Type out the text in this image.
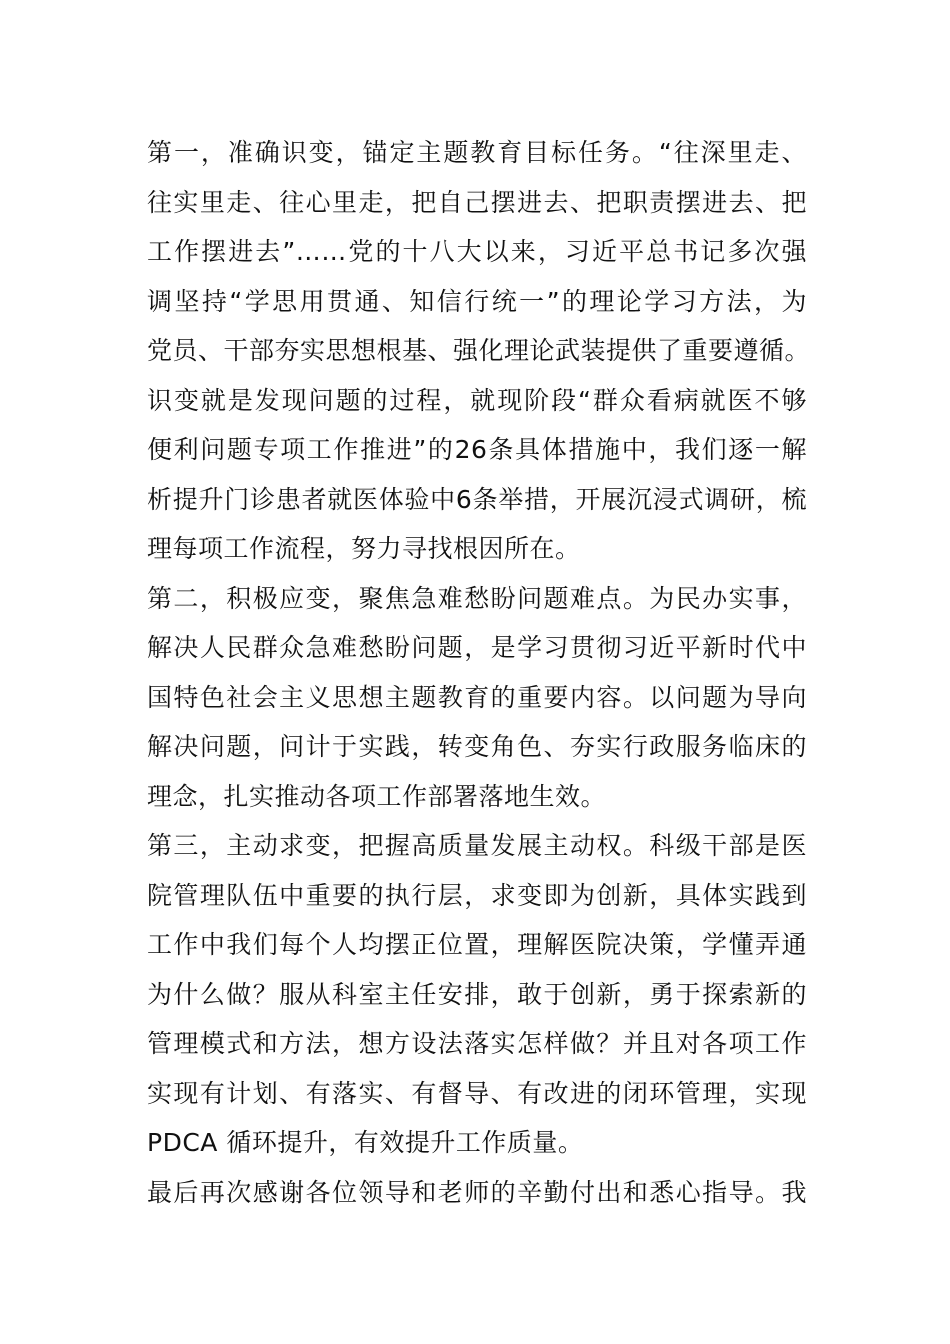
第一，准确识变，锚定主题教育目标任务。“往深里走、
往实里走、往心里走，把自己摆进去、把职责摆进去、把
工作摆进去”……党的十八大以来，习近平总书记多次强
调坚持“学思用贯通、知信行统一”的理论学习方法，为
党员、干部夯实思想根基、强化理论武装提供了重要遵循。
识变就是发现问题的过程，就现阶段“群众看病就医不够
便利问题专项工作推进”的26条具体措施中，我们逐一解
析提升门诊患者就医体验中6条举措，开展沉浸式调研，梳
理每项工作流程，努力寻找根因所在。
第二，积极应变，聚焦急难愁盼问题难点。为民办实事，
解决人民群众急难愁盼问题，是学习贯彻习近平新时代中
国特色社会主义思想主题教育的重要内容。以问题为导向
解决问题，问计于实践，转变角色、夯实行政服务临床的
理念，扎实推动各项工作部署落地生效。
第三，主动求变，把握高质量发展主动权。科级干部是医
院管理队伍中重要的执行层，求变即为创新，具体实践到
工作中我们每个人均摆正位置，理解医院决策，学懂弄通
为什么做？服从科室主任安排，敢于创新，勇于探索新的
管理模式和方法，想方设法落实怎样做？并且对各项工作
实现有计划、有落实、有督导、有改进的闭环管理，实现
PDCA 循环提升，有效提升工作质量。
最后再次感谢各位领导和老师的辛勤付出和悉心指导。我
